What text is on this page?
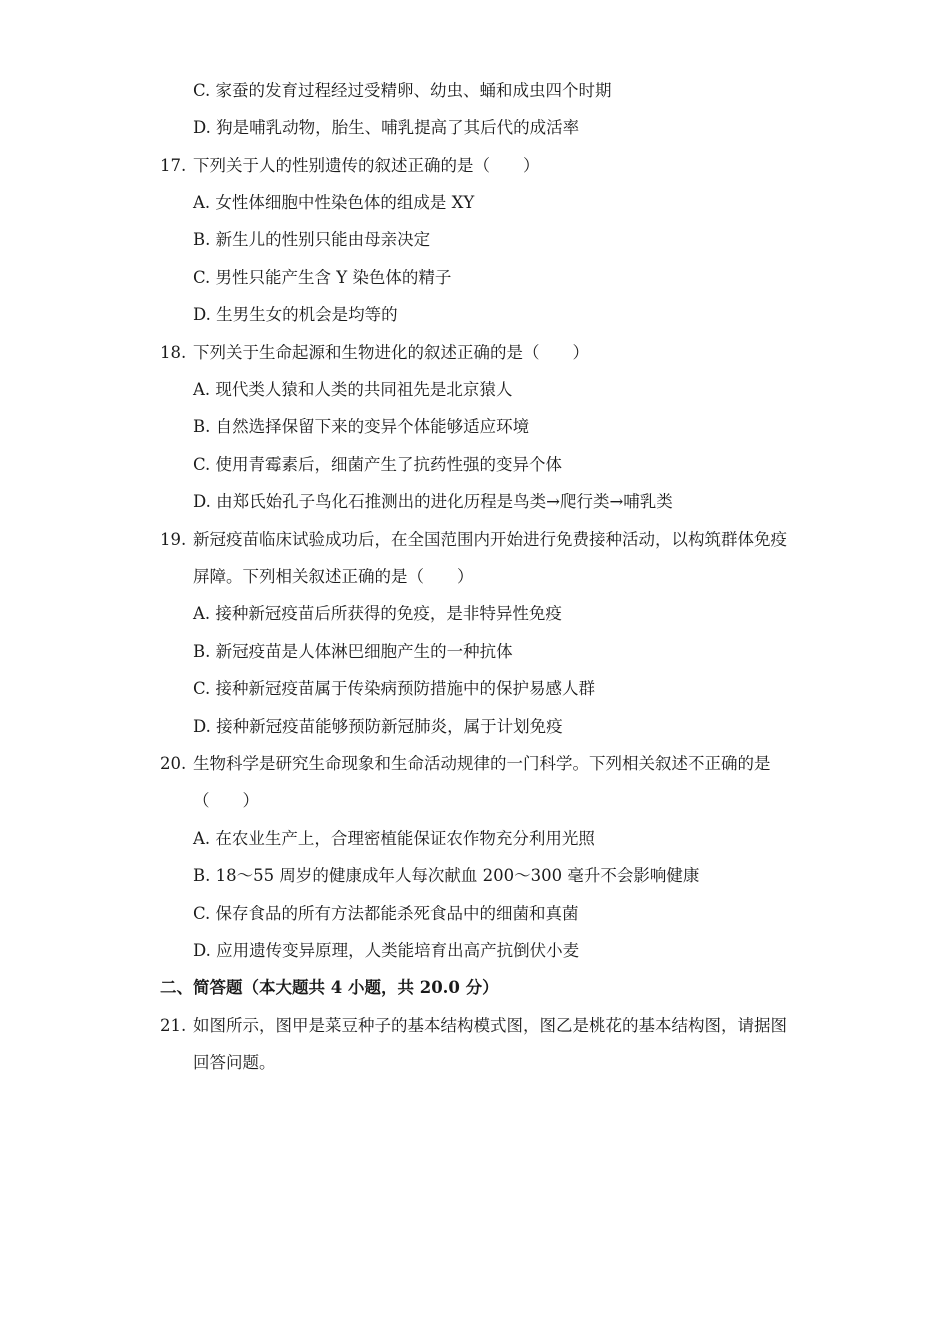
C. 家蚕的发育过程经过受精卵、幼虫、蛹和成虫四个时期
D. 狗是哺乳动物，胎生、哺乳提高了其后代的成活率
17. 下列关于人的性别遗传的叙述正确的是（　　）
A. 女性体细胞中性染色体的组成是 XY
B. 新生儿的性别只能由母亲决定
C. 男性只能产生含 Y 染色体的精子
D. 生男生女的机会是均等的
18. 下列关于生命起源和生物进化的叙述正确的是（　　）
A. 现代类人猿和人类的共同祖先是北京猿人
B. 自然选择保留下来的变异个体能够适应环境
C. 使用青霉素后，细菌产生了抗药性强的变异个体
D. 由郑氏始孔子鸟化石推测出的进化历程是鸟类→爬行类→哺乳类
19. 新冠疫苗临床试验成功后，在全国范围内开始进行免费接种活动，以构筑群体免疫
屏障。下列相关叙述正确的是（　　）
A. 接种新冠疫苗后所获得的免疫，是非特异性免疫
B. 新冠疫苗是人体淋巴细胞产生的一种抗体
C. 接种新冠疫苗属于传染病预防措施中的保护易感人群
D. 接种新冠疫苗能够预防新冠肺炎，属于计划免疫
20. 生物科学是研究生命现象和生命活动规律的一门科学。下列相关叙述不正确的是
（　　）
A. 在农业生产上，合理密植能保证农作物充分利用光照
B. 18～55 周岁的健康成年人每次献血 200～300 毫升不会影响健康
C. 保存食品的所有方法都能杀死食品中的细菌和真菌
D. 应用遗传变异原理，人类能培育出高产抗倒伏小麦
二、简答题（本大题共 4 小题，共 20.0 分）
21. 如图所示，图甲是菜豆种子的基本结构模式图，图乙是桃花的基本结构图，请据图
回答问题。
